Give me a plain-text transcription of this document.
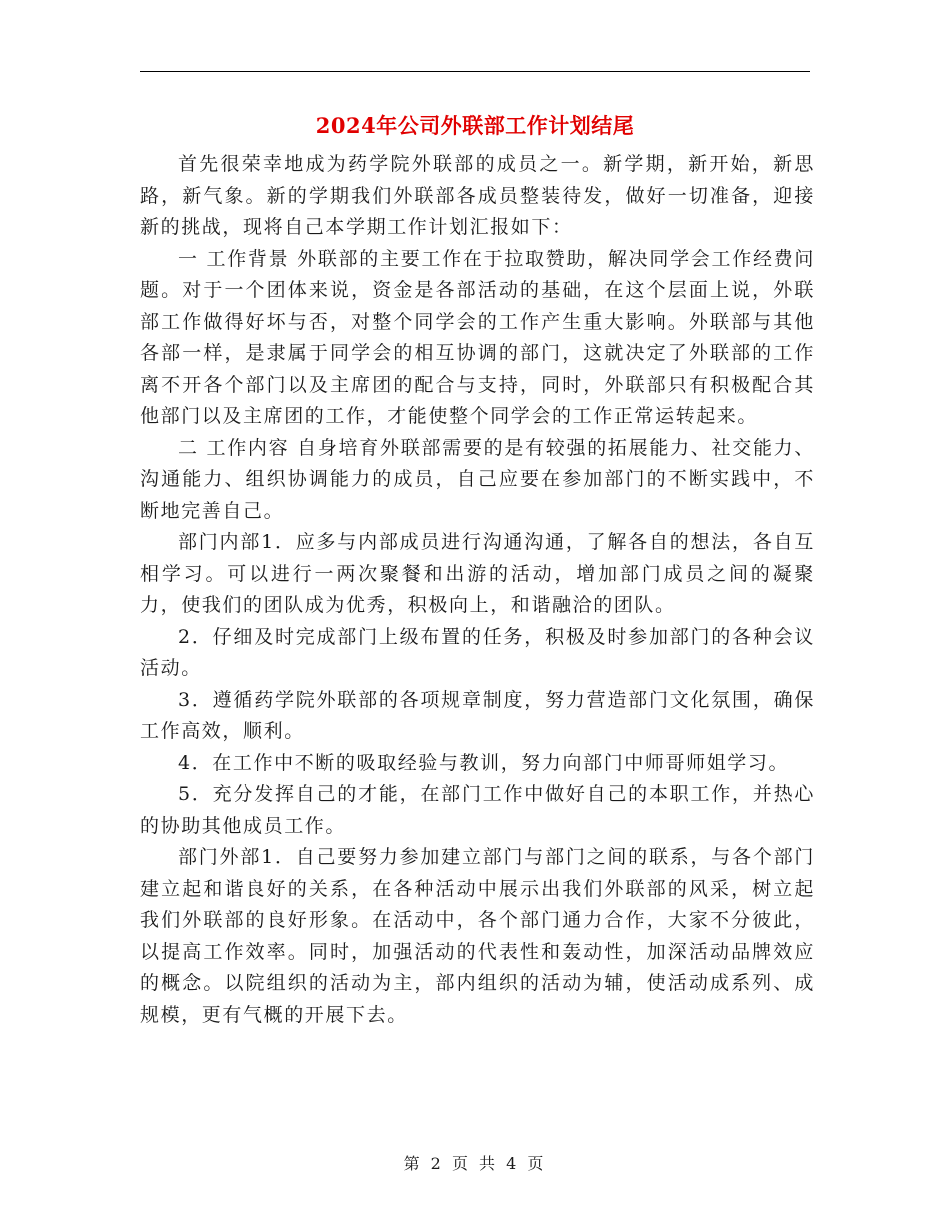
2024年公司外联部工作计划结尾

首先很荣幸地成为药学院外联部的成员之一。新学期，新开始，新思路，新气象。新的学期我们外联部各成员整装待发，做好一切准备，迎接新的挑战，现将自己本学期工作计划汇报如下：

一 工作背景 外联部的主要工作在于拉取赞助，解决同学会工作经费问题。对于一个团体来说，资金是各部活动的基础，在这个层面上说，外联部工作做得好坏与否，对整个同学会的工作产生重大影响。外联部与其他各部一样，是隶属于同学会的相互协调的部门，这就决定了外联部的工作离不开各个部门以及主席团的配合与支持，同时，外联部只有积极配合其他部门以及主席团的工作，才能使整个同学会的工作正常运转起来。

二 工作内容 自身培育外联部需要的是有较强的拓展能力、社交能力、沟通能力、组织协调能力的成员，自己应要在参加部门的不断实践中，不断地完善自己。

部门内部1．应多与内部成员进行沟通沟通，了解各自的想法，各自互相学习。可以进行一两次聚餐和出游的活动，增加部门成员之间的凝聚力，使我们的团队成为优秀，积极向上，和谐融洽的团队。

2．仔细及时完成部门上级布置的任务，积极及时参加部门的各种会议活动。

3．遵循药学院外联部的各项规章制度，努力营造部门文化氛围，确保工作高效，顺利。

4．在工作中不断的吸取经验与教训，努力向部门中师哥师姐学习。

5．充分发挥自己的才能，在部门工作中做好自己的本职工作，并热心的协助其他成员工作。

部门外部1．自己要努力参加建立部门与部门之间的联系，与各个部门建立起和谐良好的关系，在各种活动中展示出我们外联部的风采，树立起我们外联部的良好形象。在活动中，各个部门通力合作，大家不分彼此，以提高工作效率。同时，加强活动的代表性和轰动性，加深活动品牌效应的概念。以院组织的活动为主，部内组织的活动为辅，使活动成系列、成规模，更有气概的开展下去。

第 2 页 共 4 页
